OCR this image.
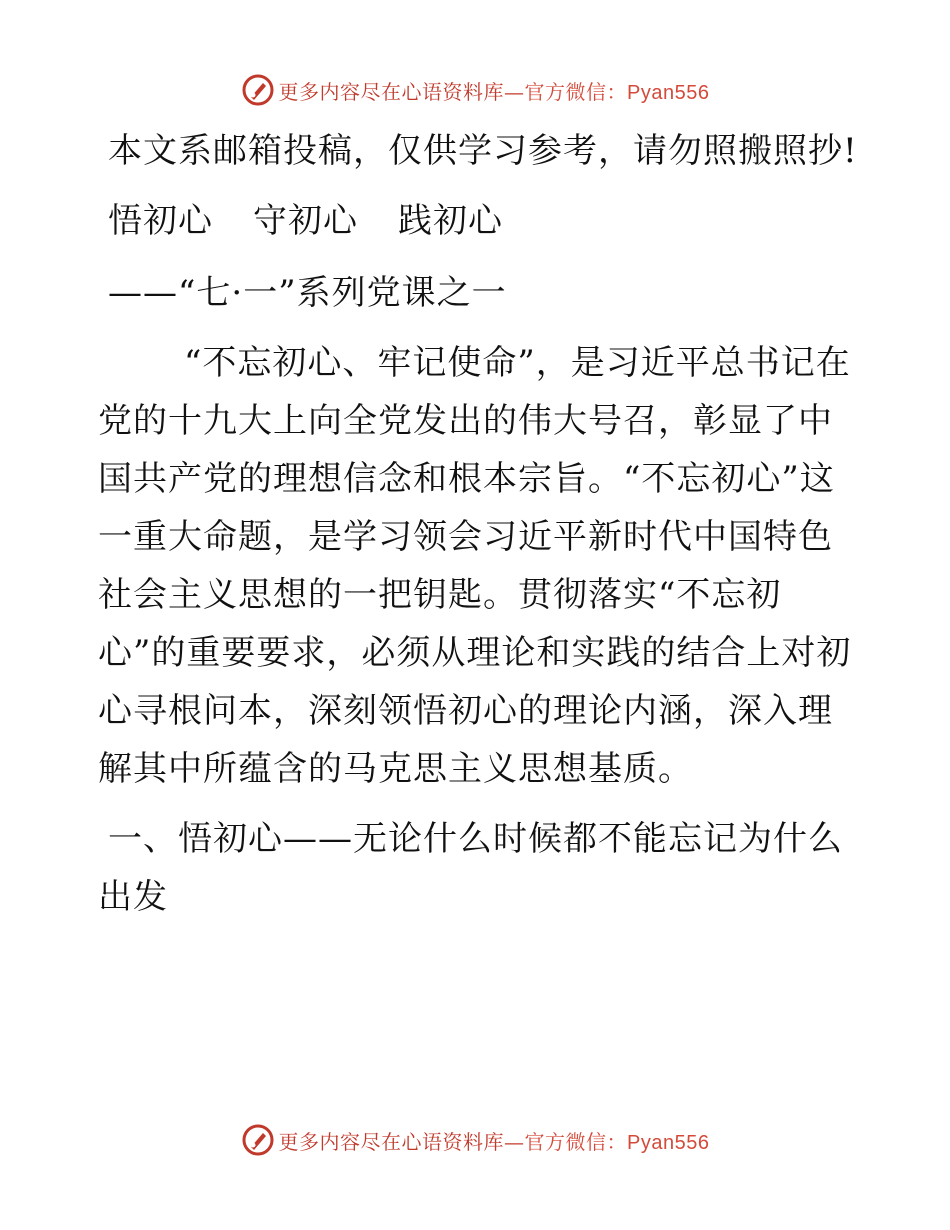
更多内容尽在心语资料库—官方微信：Pyan556

本文系邮箱投稿，仅供学习参考，请勿照搬照抄!

悟初心 守初心 践初心

——“七·一”系列党课之一

“不忘初心、牢记使命”，是习近平总书记在党的十九大上向全党发出的伟大号召，彰显了中国共产党的理想信念和根本宗旨。“不忘初心”这一重大命题，是学习领会习近平新时代中国特色社会主义思想的一把钥匙。贯彻落实“不忘初心”的重要要求，必须从理论和实践的结合上对初心寻根问本，深刻领悟初心的理论内涵，深入理解其中所蕴含的马克思主义思想基质。

一、悟初心——无论什么时候都不能忘记为什么出发

更多内容尽在心语资料库—官方微信：Pyan556
